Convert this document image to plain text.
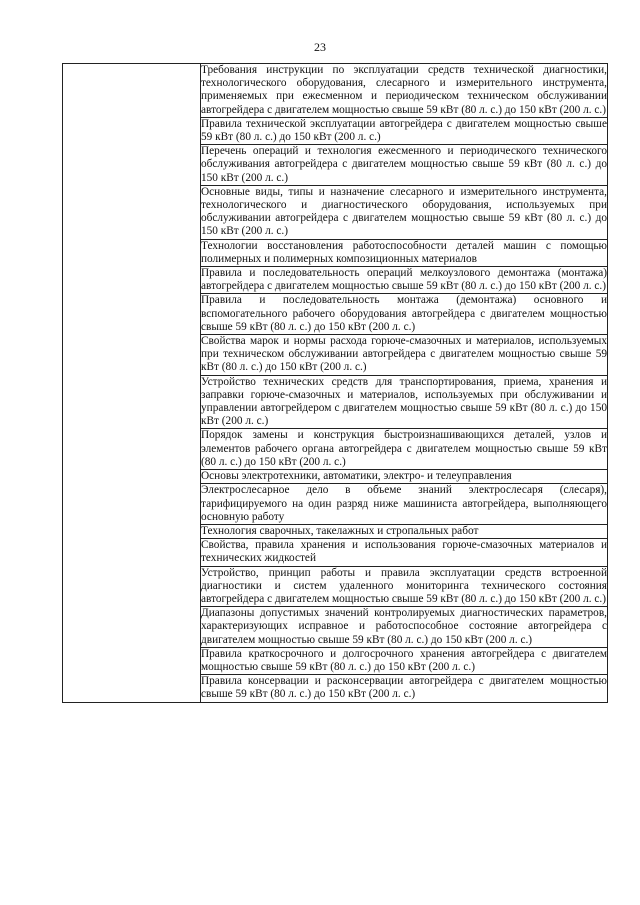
23

Требования инструкции по эксплуатации средств технической диагностики, технологического оборудования, слесарного и измерительного инструмента, применяемых при ежесменном и периодическом техническом обслуживании автогрейдера с двигателем мощностью свыше 59 кВт (80 л. с.) до 150 кВт (200 л. с.)
Правила технической эксплуатации автогрейдера с двигателем мощностью свыше 59 кВт (80 л. с.) до 150 кВт (200 л. с.)
Перечень операций и технология ежесменного и периодического технического обслуживания автогрейдера с двигателем мощностью свыше 59 кВт (80 л. с.) до 150 кВт (200 л. с.)
Основные виды, типы и назначение слесарного и измерительного инструмента, технологического и диагностического оборудования, используемых при обслуживании автогрейдера с двигателем мощностью свыше 59 кВт (80 л. с.) до 150 кВт (200 л. с.)
Технологии восстановления работоспособности деталей машин с помощью полимерных и полимерных композиционных материалов
Правила и последовательность операций мелкоузлового демонтажа (монтажа) автогрейдера с двигателем мощностью свыше 59 кВт (80 л. с.) до 150 кВт (200 л. с.)
Правила и последовательность монтажа (демонтажа) основного и вспомогательного рабочего оборудования автогрейдера с двигателем мощностью свыше 59 кВт (80 л. с.) до 150 кВт (200 л. с.)
Свойства марок и нормы расхода горюче-смазочных и материалов, используемых при техническом обслуживании автогрейдера с двигателем мощностью свыше 59 кВт (80 л. с.) до 150 кВт (200 л. с.)
Устройство технических средств для транспортирования, приема, хранения и заправки горюче-смазочных и материалов, используемых при обслуживании и управлении автогрейдером с двигателем мощностью свыше 59 кВт (80 л. с.) до 150 кВт (200 л. с.)
Порядок замены и конструкция быстроизнашивающихся деталей, узлов и элементов рабочего органа автогрейдера с двигателем мощностью свыше 59 кВт (80 л. с.) до 150 кВт (200 л. с.)
Основы электротехники, автоматики, электро- и телеуправления
Электрослесарное дело в объеме знаний электрослесаря (слесаря), тарифицируемого на один разряд ниже машиниста автогрейдера, выполняющего основную работу
Технология сварочных, такелажных и стропальных работ
Свойства, правила хранения и использования горюче-смазочных материалов и технических жидкостей
Устройство, принцип работы и правила эксплуатации средств встроенной диагностики и систем удаленного мониторинга технического состояния автогрейдера с двигателем мощностью свыше 59 кВт (80 л. с.) до 150 кВт (200 л. с.)
Диапазоны допустимых значений контролируемых диагностических параметров, характеризующих исправное и работоспособное состояние автогрейдера с двигателем мощностью свыше 59 кВт (80 л. с.) до 150 кВт (200 л. с.)
Правила краткосрочного и долгосрочного хранения автогрейдера с двигателем мощностью свыше 59 кВт (80 л. с.) до 150 кВт (200 л. с.)
Правила консервации и расконсервации автогрейдера с двигателем мощностью свыше 59 кВт (80 л. с.) до 150 кВт (200 л. с.)
